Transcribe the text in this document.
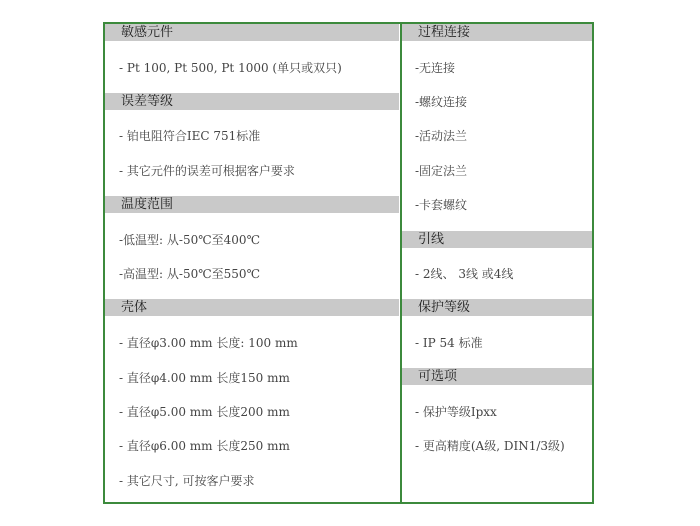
敏感元件
- Pt 100, Pt 500, Pt 1000 (单只或双只)
误差等级
- 铂电阻符合IEC 751标准
- 其它元件的误差可根据客户要求
温度范围
-低温型: 从-50℃至400℃
-高温型: 从-50℃至550℃
壳体
- 直径φ3.00 mm 长度: 100 mm
- 直径φ4.00 mm 长度150 mm
- 直径φ5.00 mm 长度200 mm
- 直径φ6.00 mm 长度250 mm
- 其它尺寸, 可按客户要求
过程连接
-无连接
-螺纹连接
-活动法兰
-固定法兰
-卡套螺纹
引线
- 2线、 3线 或4线
保护等级
- IP 54 标准
可选项
- 保护等级Ipxx
- 更高精度(A级, DIN1/3级)
